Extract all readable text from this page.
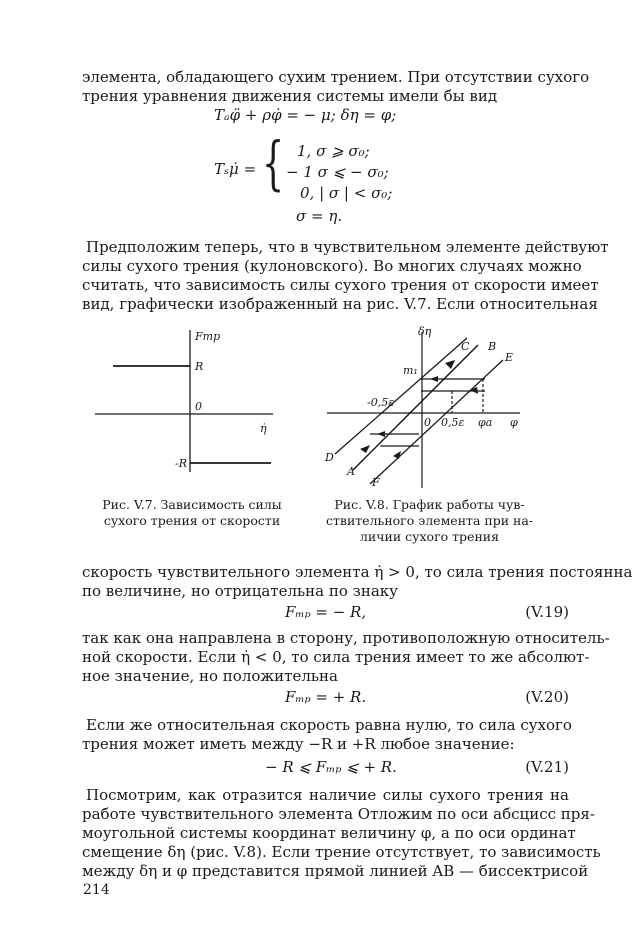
элемента, обладающего сухим трением. При отсутствии сухого
трения уравнения движения системы имели бы вид
Tₐφ̈ + ρφ̇ = − μ; δη = φ;
Tₛμ̇ = { 1, σ ⩾ σ₀;
− 1 σ ⩽ − σ₀;
0, | σ | < σ₀;
σ = η.
Предположим теперь, что в чувствительном элементе действуют
силы сухого трения (кулоновского). Во многих случаях можно
считать, что зависимость силы сухого трения от скорости имеет
вид, графически изображенный на рис. V.7. Если относительная
Fтр
R
0
η̇
-R
Рис. V.7. Зависимость силы
сухого трения от скорости
δη
C B
E
m₁
-0,5ε
0 0,5ε φa φ
D
A
F
Рис. V.8. График работы чув-
ствительного элемента при на-
личии сухого трения
скорость чувствительного элемента η̇ > 0, то сила трения постоянна
по величине, но отрицательна по знаку
Fₘₚ = − R,	(V.19)
так как она направлена в сторону, противоположную относитель-
ной скорости. Если η̇ < 0, то сила трения имеет то же абсолют-
ное значение, но положительна
Fₘₚ = + R.	(V.20)
Если же относительная скорость равна нулю, то сила сухого
трения может иметь между −R и +R любое значение:
− R ⩽ Fₘₚ ⩽ + R.	(V.21)
Посмотрим, как отразится наличие силы сухого трения на
работе чувствительного элемента Отложим по оси абсцисс пря-
моугольной системы координат величину φ, а по оси ординат
смещение δη (рис. V.8). Если трение отсутствует, то зависимость
между δη и φ представится прямой линией AB — биссектрисой
214
